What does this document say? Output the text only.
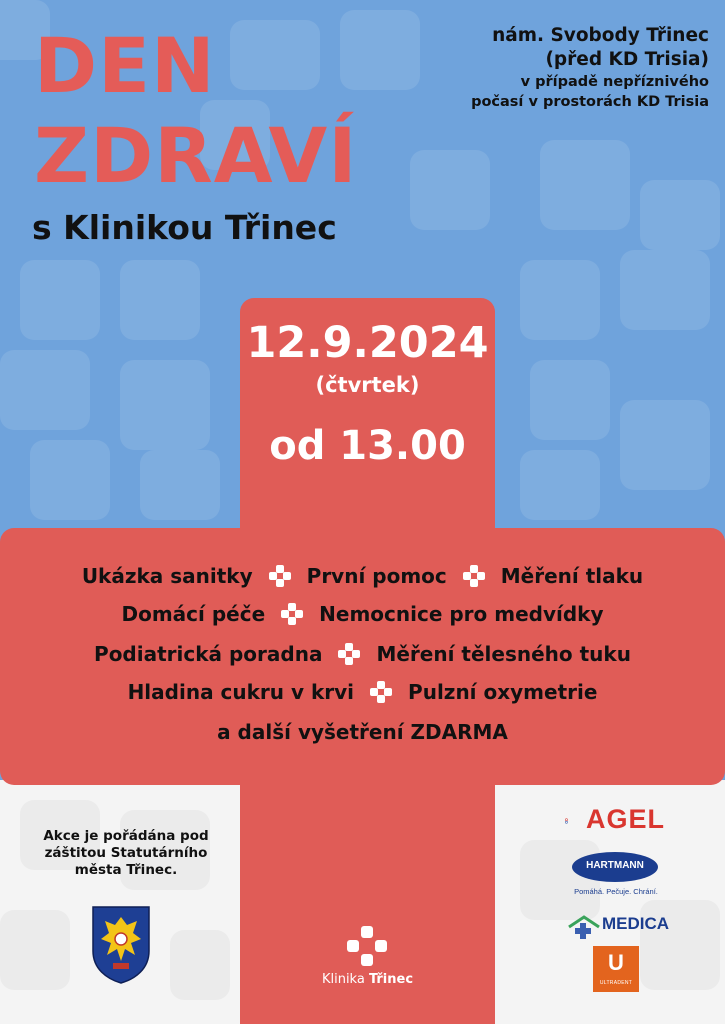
DEN
ZDRAVÍ
s Klinikou Třinec
nám. Svobody Třinec
(před KD Trisia)
v případě nepříznivého
počasí v prostorách KD Trisia
12.9.2024
(čtvrtek)
od 13.00
Ukázka sanitky	První pomoc	Měření tlaku
Domácí péče	Nemocnice pro medvídky
Podiatrická poradna	Měření tělesného tuku
Hladina cukru v krvi	Pulzní oxymetrie
a další vyšetření ZDARMA
Akce je pořádána pod
záštitou Statutárního
města Třinec.
Klinika Třinec
AGEL
HARTMANN
Pomáhá. Pečuje. Chrání.
MEDICA
U
ULTRADENT
